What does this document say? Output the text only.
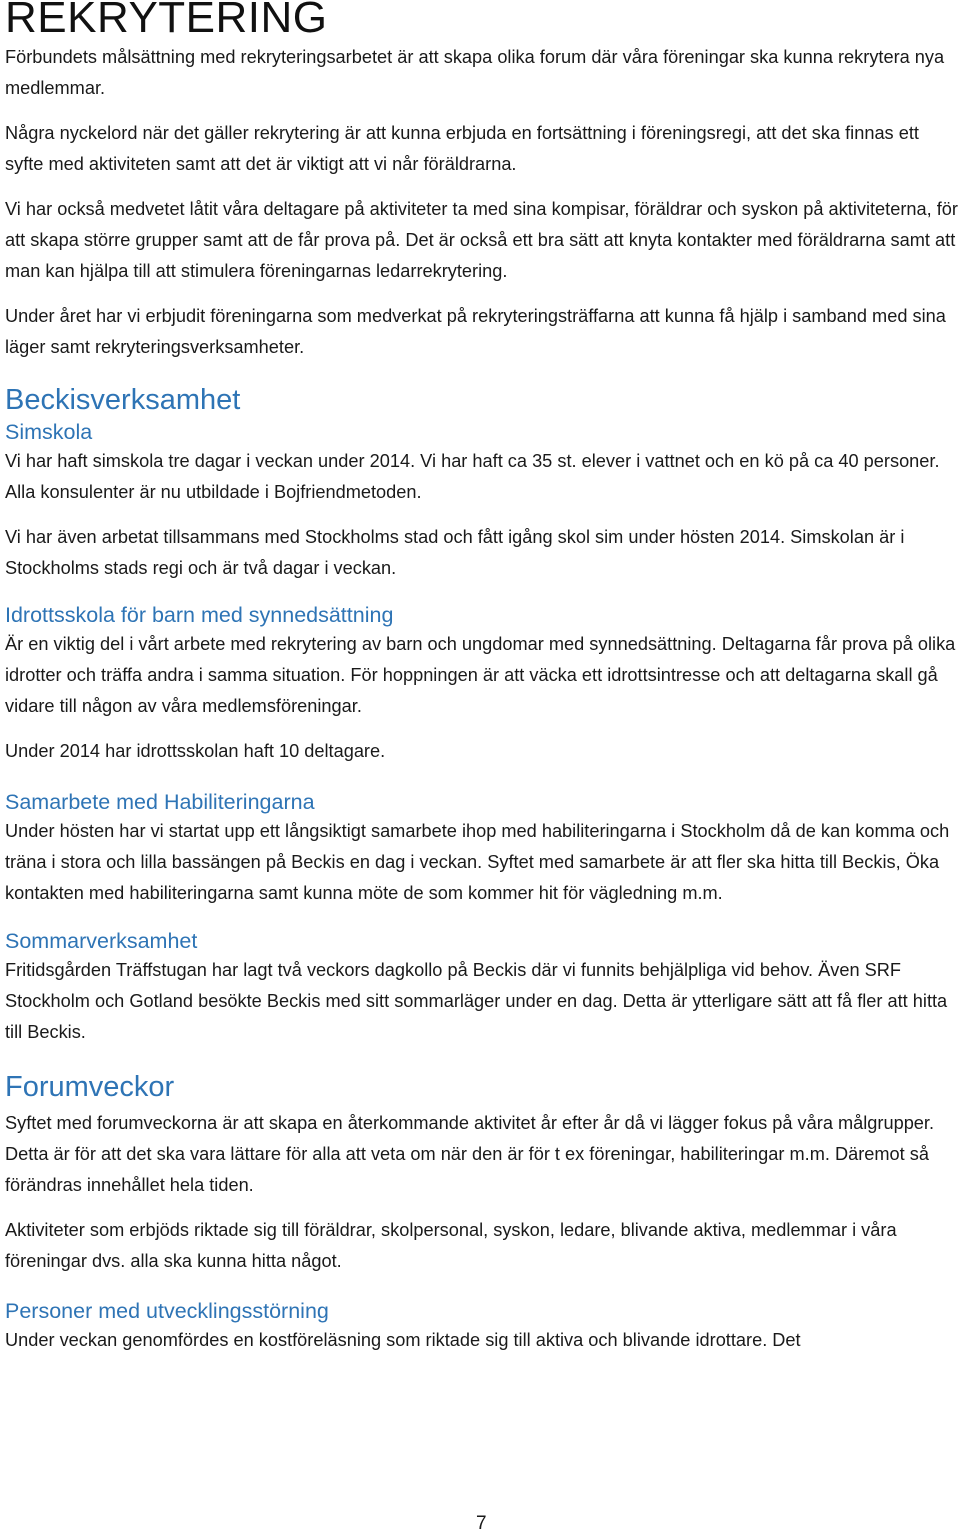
REKRYTERING

Förbundets målsättning med rekryteringsarbetet är att skapa olika forum där våra föreningar ska kunna rekrytera nya medlemmar.

Några nyckelord när det gäller rekrytering är att kunna erbjuda en fortsättning i föreningsregi, att det ska finnas ett syfte med aktiviteten samt att det är viktigt att vi når föräldrarna.

Vi har också medvetet låtit våra deltagare på aktiviteter ta med sina kompisar, föräldrar och syskon på aktiviteterna, för att skapa större grupper samt att de får prova på. Det är också ett bra sätt att knyta kontakter med föräldrarna samt att man kan hjälpa till att stimulera föreningarnas ledarrekrytering.

Under året har vi erbjudit föreningarna som medverkat på rekryteringsträffarna att kunna få hjälp i samband med sina läger samt rekryteringsverksamheter.

Beckisverksamhet
Simskola

Vi har haft simskola tre dagar i veckan under 2014. Vi har haft ca 35 st. elever i vattnet och en kö på ca 40 personer. Alla konsulenter är nu utbildade i Bojfriendmetoden.

Vi har även arbetat tillsammans med Stockholms stad och fått igång skol sim under hösten 2014. Simskolan är i Stockholms stads regi och är två dagar i veckan.

Idrottsskola för barn med synnedsättning

Är en viktig del i vårt arbete med rekrytering av barn och ungdomar med synnedsättning. Deltagarna får prova på olika idrotter och träffa andra i samma situation. För hoppningen är att väcka ett idrottsintresse och att deltagarna skall gå vidare till någon av våra medlemsföreningar.

Under 2014 har idrottsskolan haft 10 deltagare.

Samarbete med Habiliteringarna

Under hösten har vi startat upp ett långsiktigt samarbete ihop med habiliteringarna i Stockholm då de kan komma och träna i stora och lilla bassängen på Beckis en dag i veckan. Syftet med samarbete är att fler ska hitta till Beckis, Öka kontakten med habiliteringarna samt kunna möte de som kommer hit för vägledning m.m.

Sommarverksamhet

Fritidsgården Träffstugan har lagt två veckors dagkollo på Beckis där vi funnits behjälpliga vid behov. Även SRF Stockholm och Gotland besökte Beckis med sitt sommarläger under en dag. Detta är ytterligare sätt att få fler att hitta till Beckis.

Forumveckor

Syftet med forumveckorna är att skapa en återkommande aktivitet år efter år då vi lägger fokus på våra målgrupper. Detta är för att det ska vara lättare för alla att veta om när den är för t ex föreningar, habiliteringar m.m. Däremot så förändras innehållet hela tiden.

Aktiviteter som erbjöds riktade sig till föräldrar, skolpersonal, syskon, ledare, blivande aktiva, medlemmar i våra föreningar dvs. alla ska kunna hitta något.

Personer med utvecklingsstörning

Under veckan genomfördes en kostföreläsning som riktade sig till aktiva och blivande idrottare. Det

7
